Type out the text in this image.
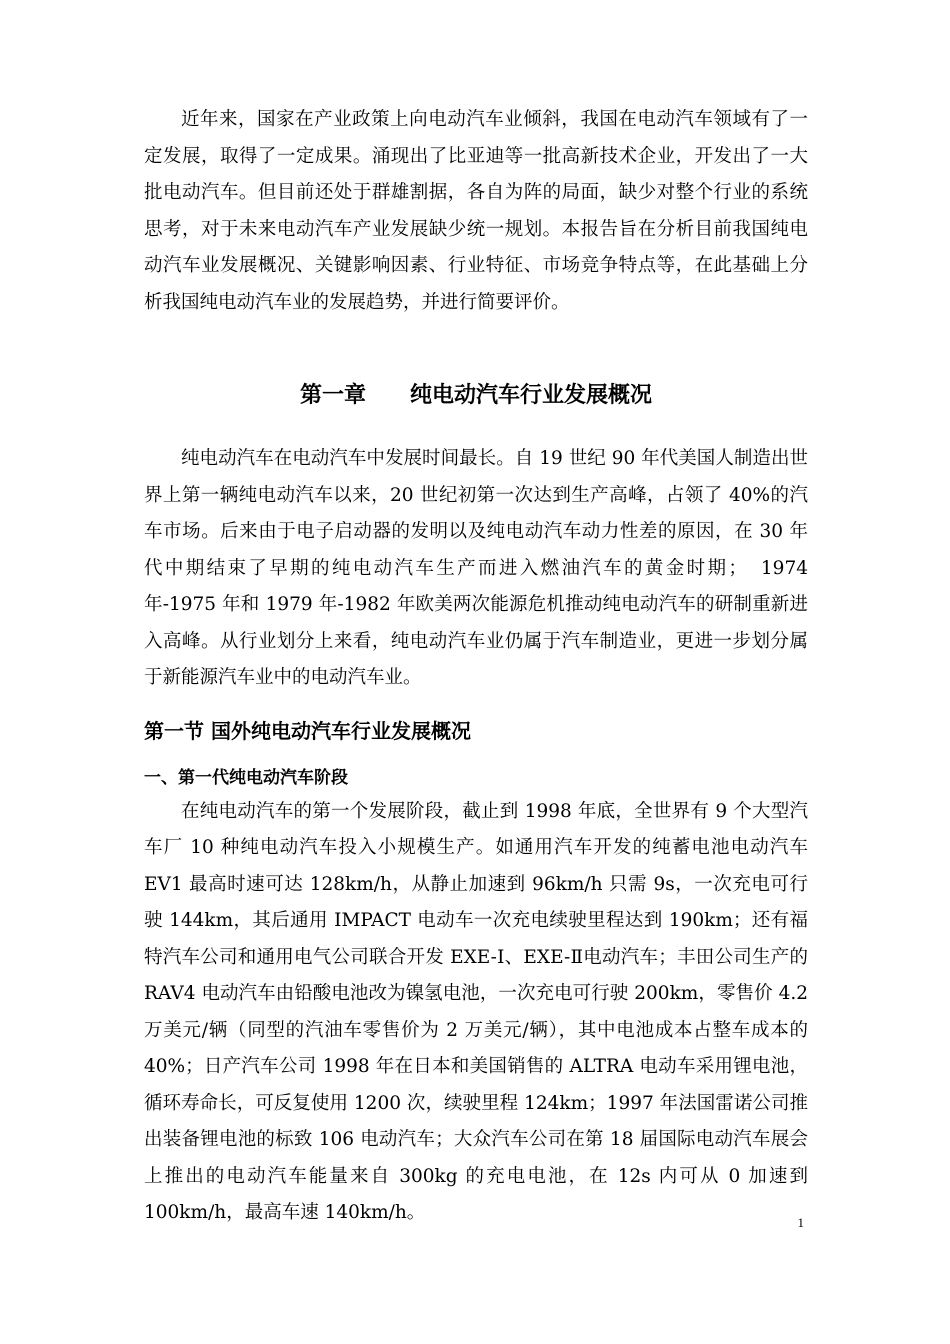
近年来，国家在产业政策上向电动汽车业倾斜，我国在电动汽车领域有了一定发展，取得了一定成果。涌现出了比亚迪等一批高新技术企业，开发出了一大批电动汽车。但目前还处于群雄割据，各自为阵的局面，缺少对整个行业的系统思考，对于未来电动汽车产业发展缺少统一规划。本报告旨在分析目前我国纯电动汽车业发展概况、关键影响因素、行业特征、市场竞争特点等，在此基础上分析我国纯电动汽车业的发展趋势，并进行简要评价。

第一章　　纯电动汽车行业发展概况

纯电动汽车在电动汽车中发展时间最长。自 19 世纪 90 年代美国人制造出世界上第一辆纯电动汽车以来，20 世纪初第一次达到生产高峰，占领了 40%的汽车市场。后来由于电子启动器的发明以及纯电动汽车动力性差的原因，在 30 年代中期结束了早期的纯电动汽车生产而进入燃油汽车的黄金时期；　1974 年-1975 年和 1979 年-1982 年欧美两次能源危机推动纯电动汽车的研制重新进入高峰。从行业划分上来看，纯电动汽车业仍属于汽车制造业，更进一步划分属于新能源汽车业中的电动汽车业。

第一节 国外纯电动汽车行业发展概况
一、第一代纯电动汽车阶段

在纯电动汽车的第一个发展阶段，截止到 1998 年底，全世界有 9 个大型汽车厂 10 种纯电动汽车投入小规模生产。如通用汽车开发的纯蓄电池电动汽车 EV1 最高时速可达 128km/h，从静止加速到 96km/h 只需 9s，一次充电可行驶 144km，其后通用 IMPACT 电动车一次充电续驶里程达到 190km；还有福特汽车公司和通用电气公司联合开发 EXE-Ⅰ、EXE-Ⅱ电动汽车；丰田公司生产的 RAV4 电动汽车由铅酸电池改为镍氢电池，一次充电可行驶 200km，零售价 4.2 万美元/辆（同型的汽油车零售价为 2 万美元/辆），其中电池成本占整车成本的 40%；日产汽车公司 1998 年在日本和美国销售的 ALTRA 电动车采用锂电池，循环寿命长，可反复使用 1200 次，续驶里程 124km；1997 年法国雷诺公司推出装备锂电池的标致 106 电动汽车；大众汽车公司在第 18 届国际电动汽车展会上推出的电动汽车能量来自 300kg 的充电电池，在 12s 内可从 0 加速到 100km/h，最高车速 140km/h。	1
